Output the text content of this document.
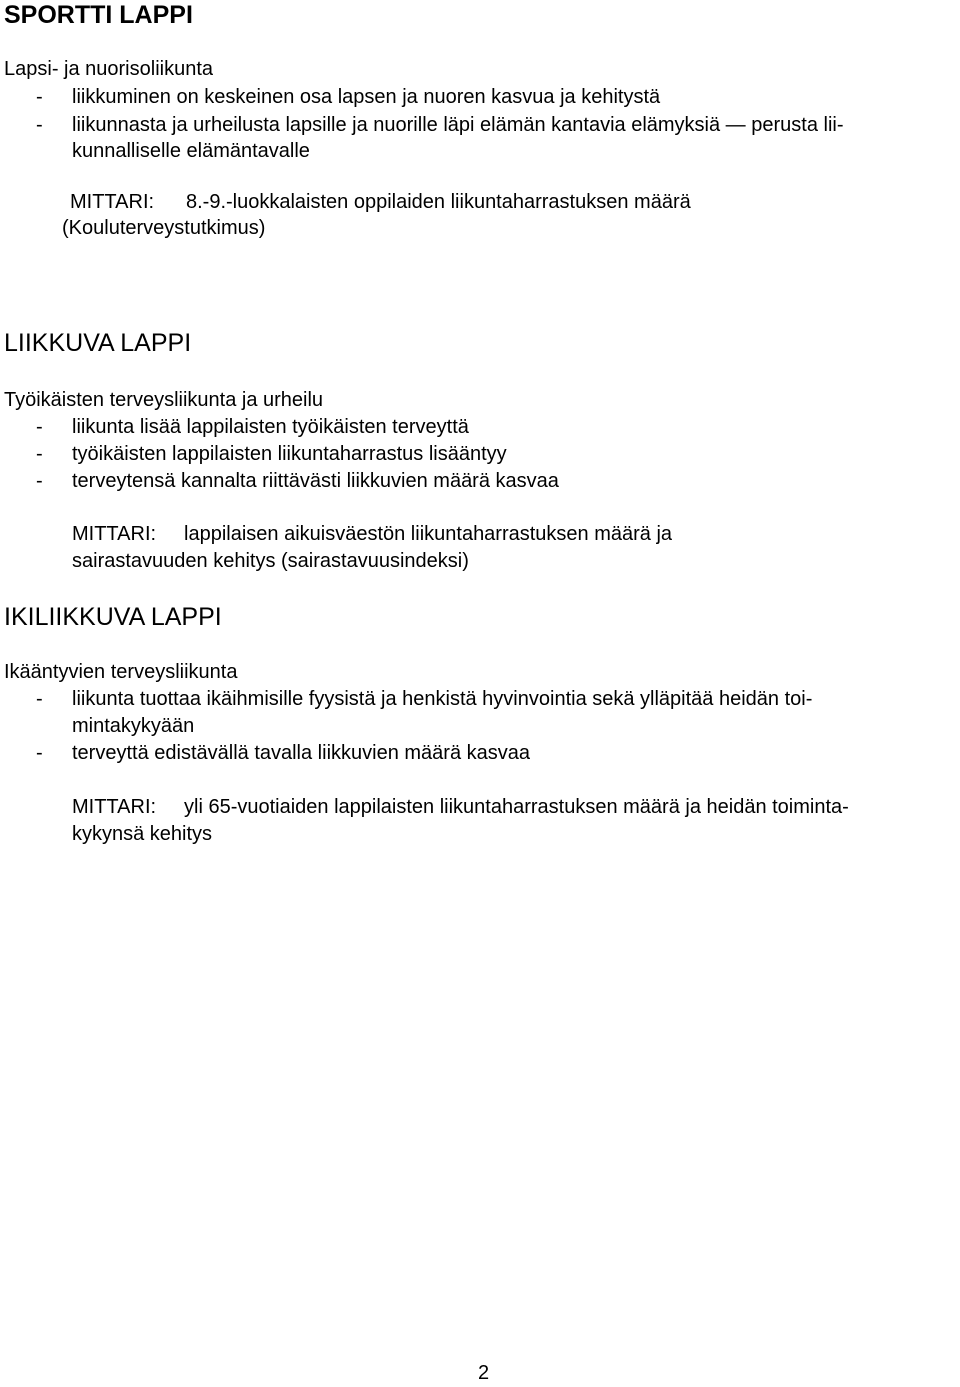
SPORTTI LAPPI
Lapsi- ja nuorisoliikunta
- liikkuminen on keskeinen osa lapsen ja nuoren kasvua ja kehitystä
- liikunnasta ja urheilusta lapsille ja nuorille läpi elämän kantavia elämyksiä — perusta lii-
kunnalliselle elämäntavalle
MITTARI: 8.-9.-luokkalaisten oppilaiden liikuntaharrastuksen määrä
(Kouluterveystutkimus)
LIIKKUVA LAPPI
Työikäisten terveysliikunta ja urheilu
- liikunta lisää lappilaisten työikäisten terveyttä
- työikäisten lappilaisten liikuntaharrastus lisääntyy
- terveytensä kannalta riittävästi liikkuvien määrä kasvaa
MITTARI: lappilaisen aikuisväestön liikuntaharrastuksen määrä ja
sairastavuuden kehitys (sairastavuusindeksi)
IKILIIKKUVA LAPPI
Ikääntyvien terveysliikunta
- liikunta tuottaa ikäihmisille fyysistä ja henkistä hyvinvointia sekä ylläpitää heidän toi-
mintakykyään
- terveyttä edistävällä tavalla liikkuvien määrä kasvaa
MITTARI: yli 65-vuotiaiden lappilaisten liikuntaharrastuksen määrä ja heidän toiminta-
kykynsä kehitys
2
